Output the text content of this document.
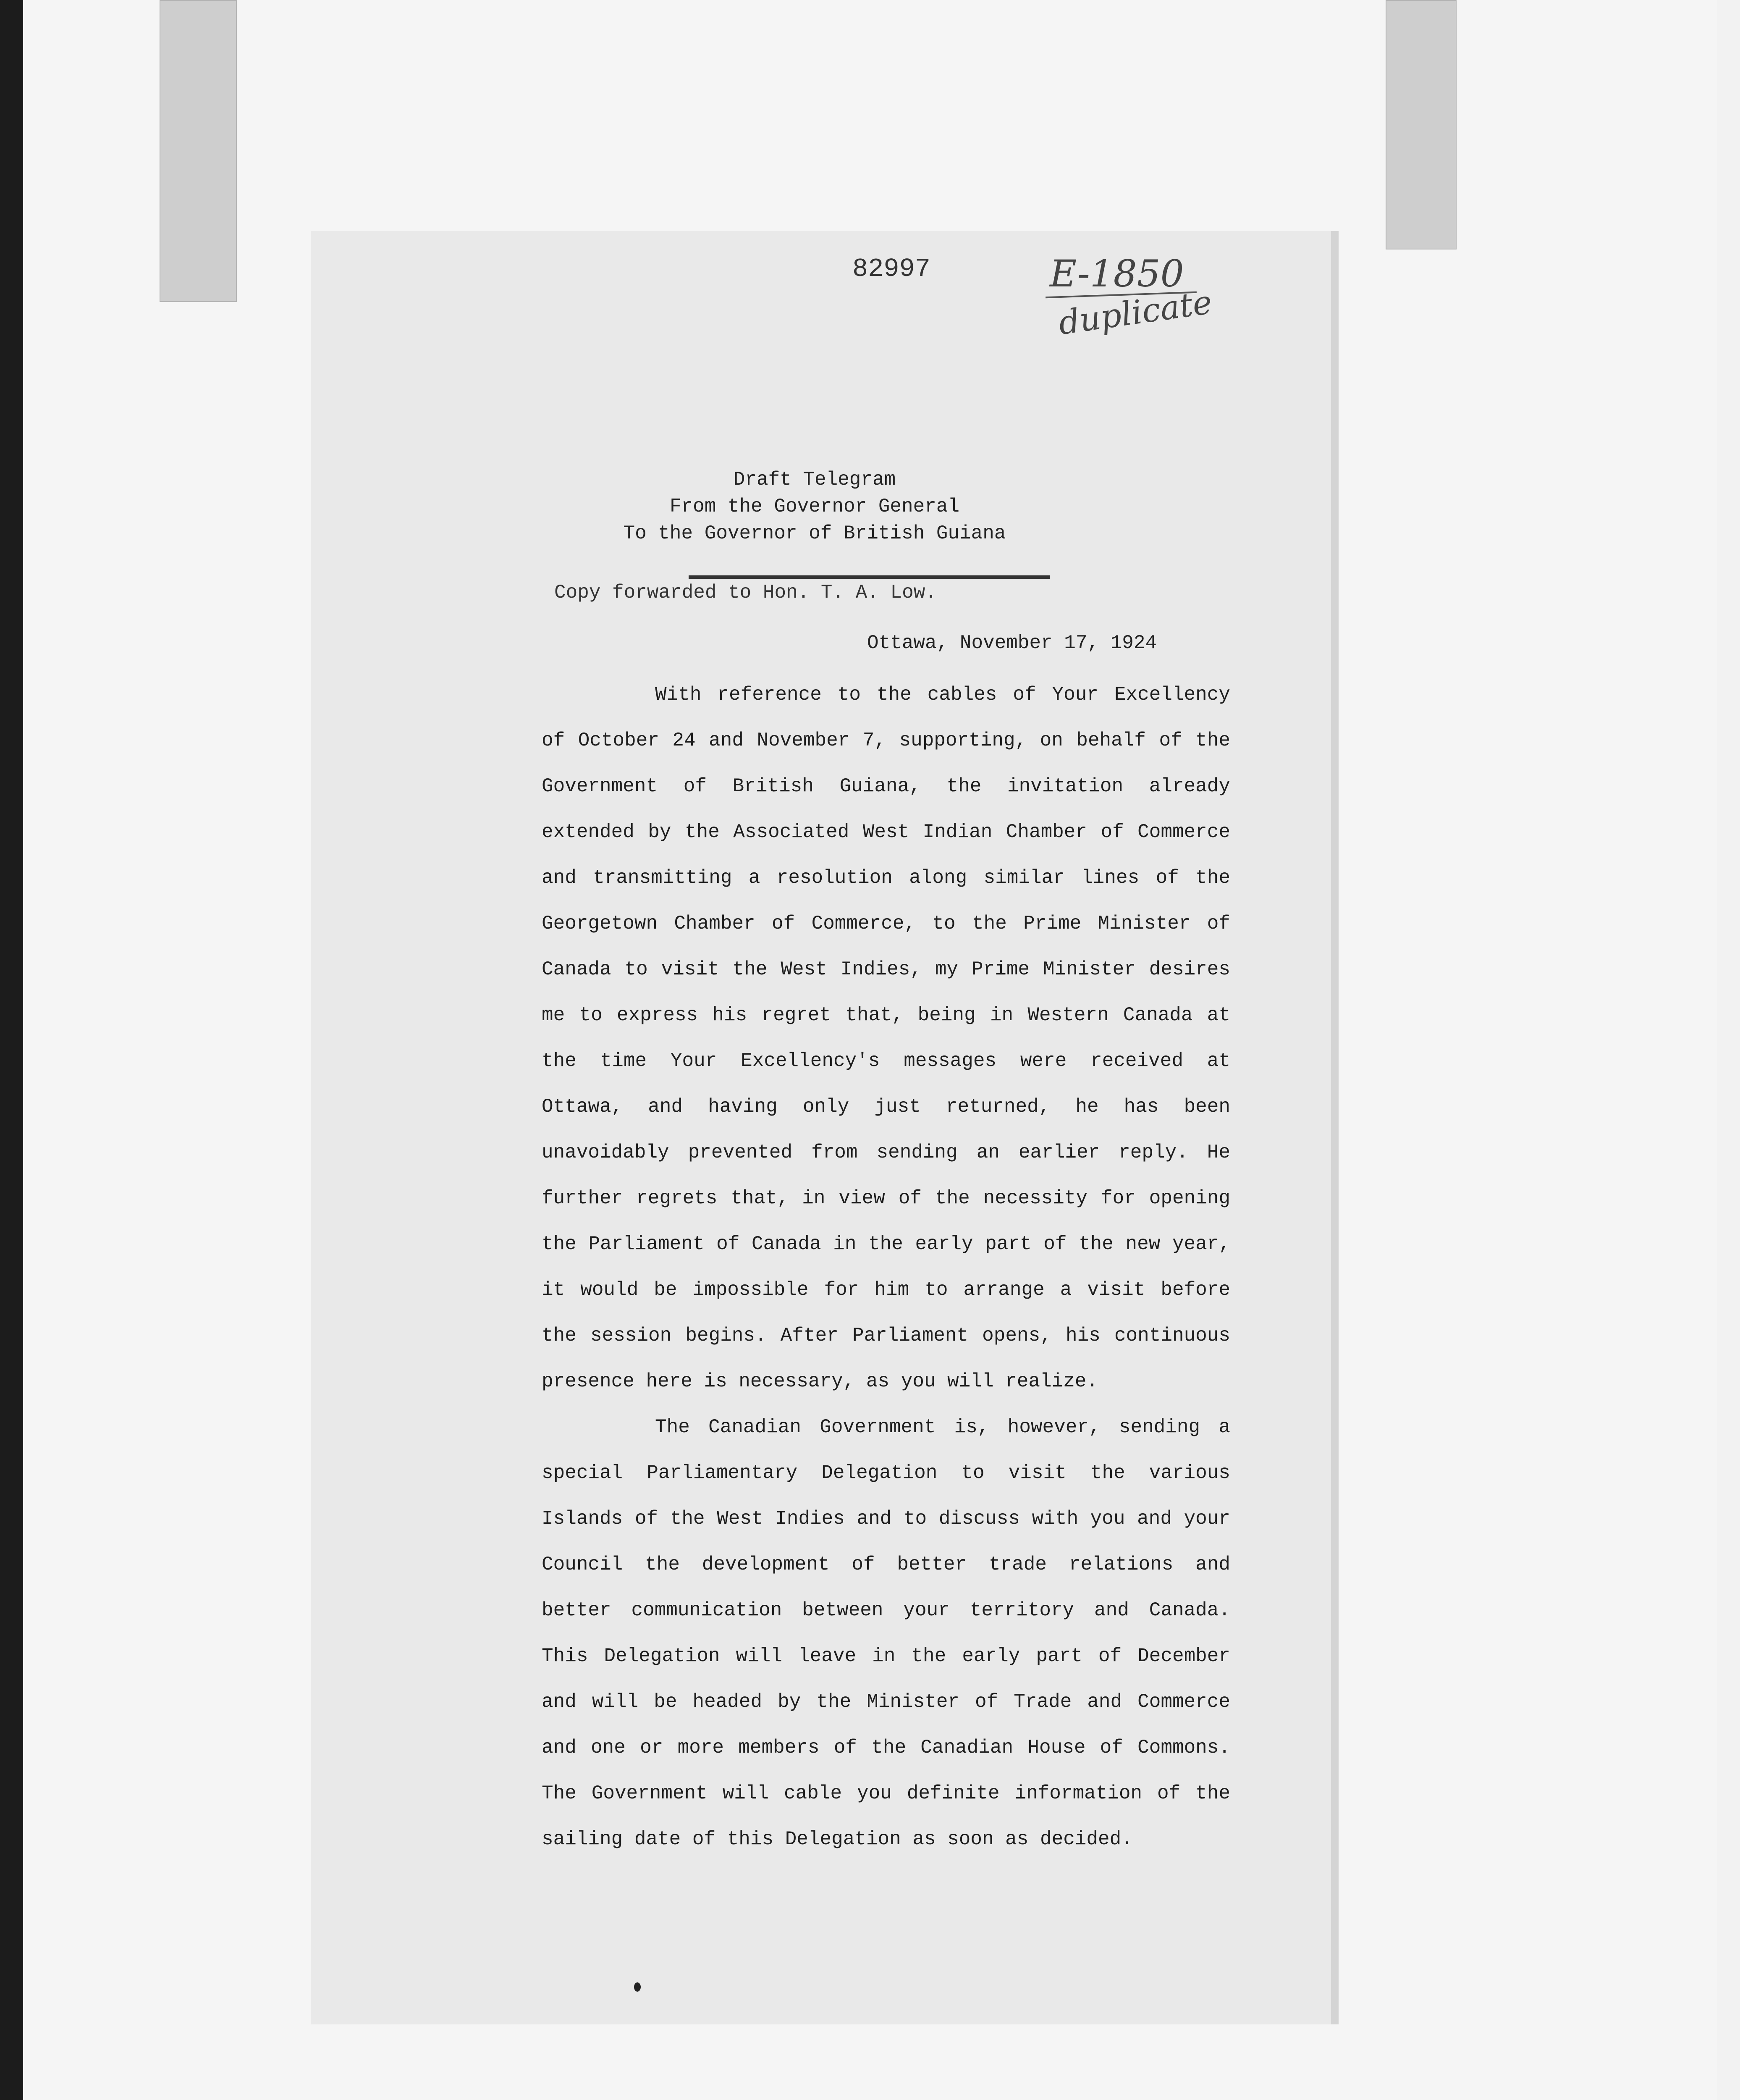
82997	E-1850
duplicate
Draft Telegram
From the Governor General
To the Governor of British Guiana
Copy forwarded to Hon. T. A. Low.
Ottawa, November 17, 1924

With reference to the cables of Your Excellency of October 24 and November 7, supporting, on behalf of the Government of British Guiana, the invitation already extended by the Associated West Indian Chamber of Commerce and transmitting a resolution along similar lines of the Georgetown Chamber of Commerce, to the Prime Minister of Canada to visit the West Indies, my Prime Minister desires me to express his regret that, being in Western Canada at the time Your Excellency's messages were received at Ottawa, and having only just returned, he has been unavoidably prevented from sending an earlier reply. He further regrets that, in view of the necessity for opening the Parliament of Canada in the early part of the new year, it would be impossible for him to arrange a visit before the session begins. After Parliament opens, his continuous presence here is necessary, as you will realize.

The Canadian Government is, however, sending a special Parliamentary Delegation to visit the various Islands of the West Indies and to discuss with you and your Council the development of better trade relations and better communication between your territory and Canada. This Delegation will leave in the early part of December and will be headed by the Minister of Trade and Commerce and one or more members of the Canadian House of Commons. The Government will cable you definite information of the sailing date of this Delegation as soon as decided.
